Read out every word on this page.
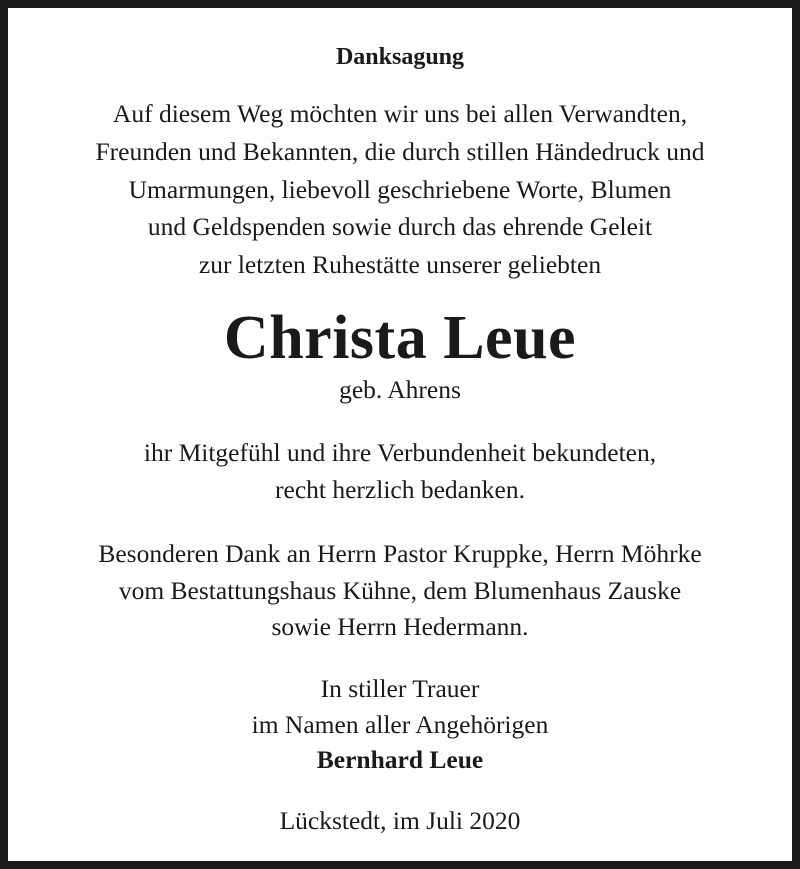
Danksagung

Auf diesem Weg möchten wir uns bei allen Verwandten,

Freunden und Bekannten, die durch stillen Händedruck und

Umarmungen, liebevoll geschriebene Worte, Blumen

und Geldspenden sowie durch das ehrende Geleit

zur letzten Ruhestätte unserer geliebten

Christa Leue

geb. Ahrens

ihr Mitgefühl und ihre Verbundenheit bekundeten,

recht herzlich bedanken.

Besonderen Dank an Herrn Pastor Kruppke, Herrn Möhrke

vom Bestattungshaus Kühne, dem Blumenhaus Zauske

sowie Herrn Hedermann.

In stiller Trauer

im Namen aller Angehörigen

Bernhard Leue

Lückstedt, im Juli 2020
